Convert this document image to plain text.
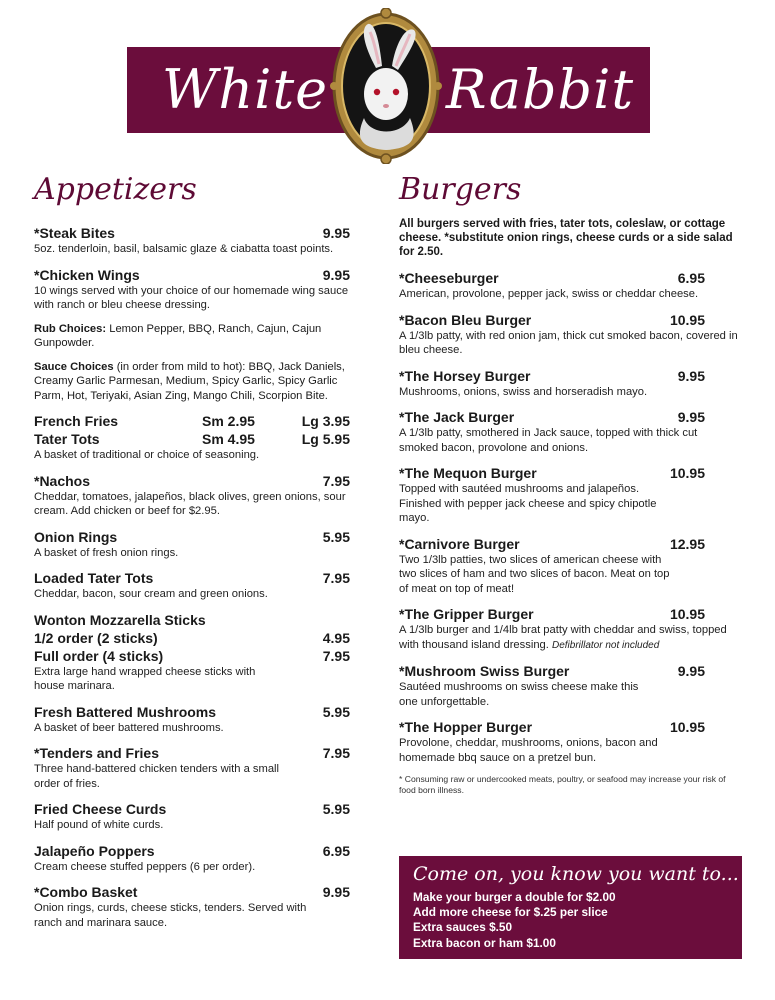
White Rabbit
Appetizers
*Steak Bites	9.95
5oz. tenderloin, basil, balsamic glaze & ciabatta toast points.
*Chicken Wings	9.95
10 wings served with your choice of our homemade wing sauce with ranch or bleu cheese dressing.
Rub Choices: Lemon Pepper, BBQ, Ranch, Cajun, Cajun Gunpowder.
Sauce Choices (in order from mild to hot): BBQ, Jack Daniels, Creamy Garlic Parmesan, Medium, Spicy Garlic, Spicy Garlic Parm, Hot, Teriyaki, Asian Zing, Mango Chili, Scorpion Bite.
French Fries	Sm 2.95	Lg 3.95
Tater Tots	Sm 4.95	Lg 5.95
A basket of traditional or choice of seasoning.
*Nachos	7.95
Cheddar, tomatoes, jalapeños, black olives, green onions, sour cream. Add chicken or beef for $2.95.
Onion Rings	5.95
A basket of fresh onion rings.
Loaded Tater Tots	7.95
Cheddar, bacon, sour cream and green onions.
Wonton Mozzarella Sticks
1/2 order (2 sticks)	4.95
Full order (4 sticks)	7.95
Extra large hand wrapped cheese sticks with house marinara.
Fresh Battered Mushrooms	5.95
A basket of beer battered mushrooms.
*Tenders and Fries	7.95
Three hand-battered chicken tenders with a small order of fries.
Fried Cheese Curds	5.95
Half pound of white curds.
Jalapeño Poppers	6.95
Cream cheese stuffed peppers (6 per order).
*Combo Basket	9.95
Onion rings, curds, cheese sticks, tenders. Served with ranch and marinara sauce.
Burgers
All burgers served with fries, tater tots, coleslaw, or cottage cheese. *substitute onion rings, cheese curds or a side salad for 2.50.
*Cheeseburger	6.95
American, provolone, pepper jack, swiss or cheddar cheese.
*Bacon Bleu Burger	10.95
A 1/3lb patty, with red onion jam, thick cut smoked bacon, covered in bleu cheese.
*The Horsey Burger	9.95
Mushrooms, onions, swiss and horseradish mayo.
*The Jack Burger	9.95
A 1/3lb patty, smothered in Jack sauce, topped with thick cut smoked bacon, provolone and onions.
*The Mequon Burger	10.95
Topped with sautéed mushrooms and jalapeños. Finished with pepper jack cheese and spicy chipotle mayo.
*Carnivore Burger	12.95
Two 1/3lb patties, two slices of american cheese with two slices of ham and two slices of bacon. Meat on top of meat on top of meat!
*The Gripper Burger	10.95
A 1/3lb burger and 1/4lb brat patty with cheddar and swiss, topped with thousand island dressing. Defibrillator not included
*Mushroom Swiss Burger	9.95
Sautéed mushrooms on swiss cheese make this one unforgettable.
*The Hopper Burger	10.95
Provolone, cheddar, mushrooms, onions, bacon and homemade bbq sauce on a pretzel bun.
* Consuming raw or undercooked meats, poultry, or seafood may increase your risk of food born illness.
Come on, you know you want to...
Make your burger a double for $2.00
Add more cheese for $.25 per slice
Extra sauces $.50
Extra bacon or ham $1.00
